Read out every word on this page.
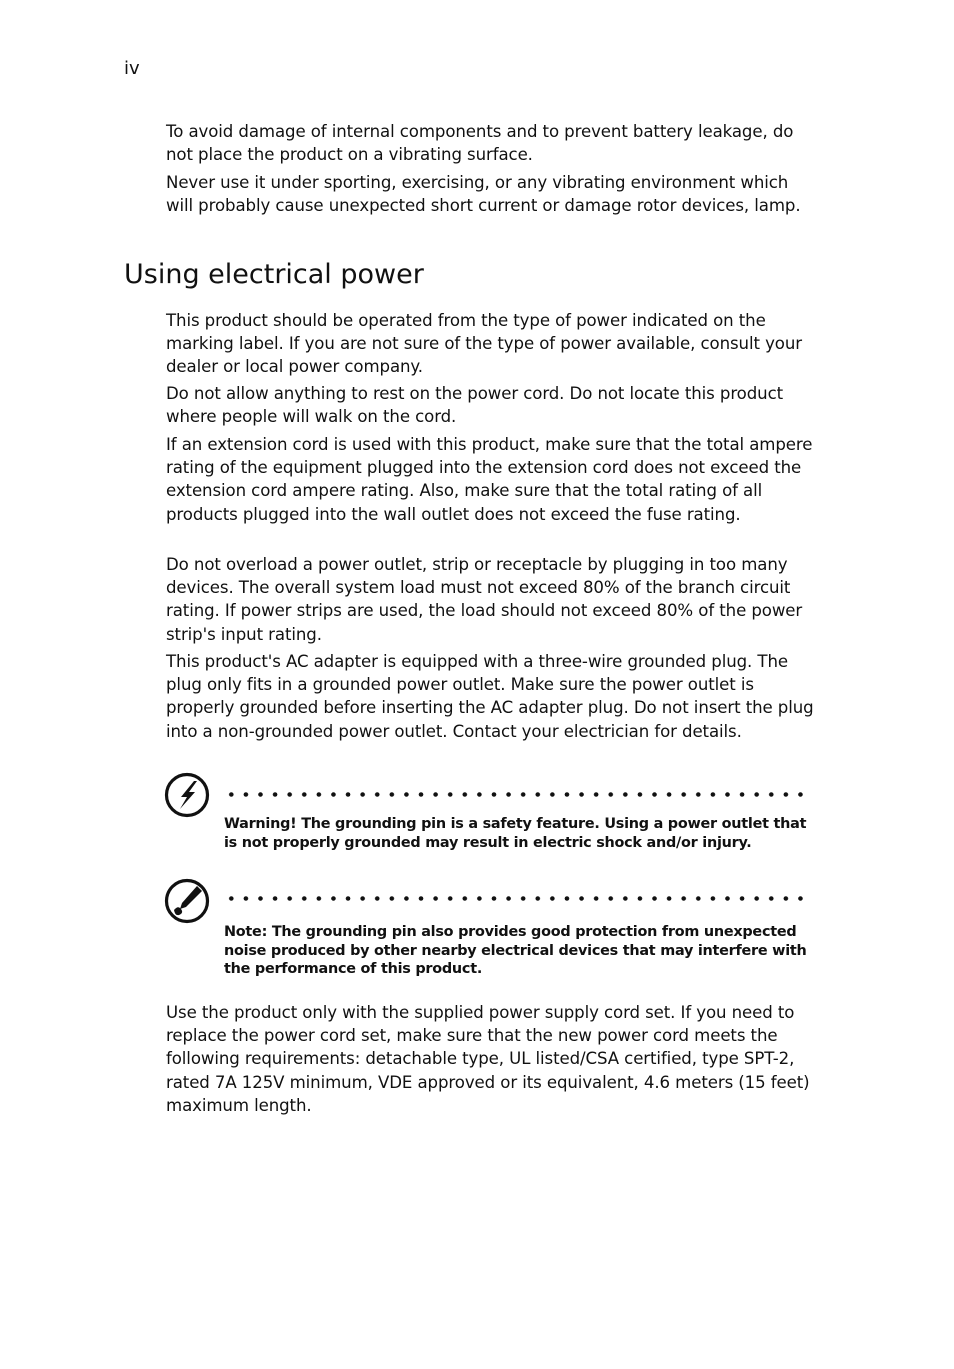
iv

To avoid damage of internal components and to prevent battery leakage, do not place the product on a vibrating surface.

Never use it under sporting, exercising, or any vibrating environment which will probably cause unexpected short current or damage rotor devices, lamp.

Using electrical power

This product should be operated from the type of power indicated on the marking label. If you are not sure of the type of power available, consult your dealer or local power company.

Do not allow anything to rest on the power cord. Do not locate this product where people will walk on the cord.

If an extension cord is used with this product, make sure that the total ampere rating of the equipment plugged into the extension cord does not exceed the extension cord ampere rating. Also, make sure that the total rating of all products plugged into the wall outlet does not exceed the fuse rating.

Do not overload a power outlet, strip or receptacle by plugging in too many devices. The overall system load must not exceed 80% of the branch circuit rating. If power strips are used, the load should not exceed 80% of the power strip's input rating.

This product's AC adapter is equipped with a three-wire grounded plug. The plug only fits in a grounded power outlet. Make sure the power outlet is properly grounded before inserting the AC adapter plug. Do not insert the plug into a non-grounded power outlet. Contact your electrician for details.

Warning! The grounding pin is a safety feature. Using a power outlet that is not properly grounded may result in electric shock and/or injury.

Note: The grounding pin also provides good protection from unexpected noise produced by other nearby electrical devices that may interfere with the performance of this product.

Use the product only with the supplied power supply cord set. If you need to replace the power cord set, make sure that the new power cord meets the following requirements: detachable type, UL listed/CSA certified, type SPT-2, rated 7A 125V minimum, VDE approved or its equivalent, 4.6 meters (15 feet) maximum length.
